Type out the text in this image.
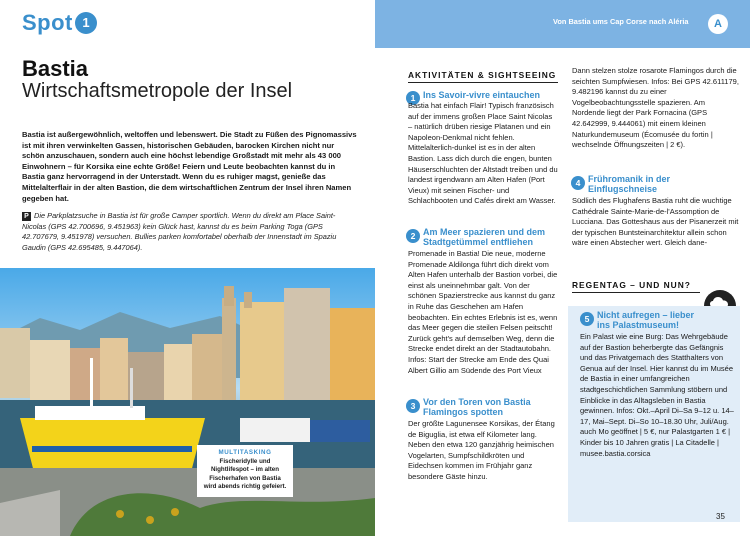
Spot 1
Bastia
Wirtschaftsmetropole der Insel
Bastia ist außergewöhnlich, weltoffen und lebenswert. Die Stadt zu Füßen des Pignomassivs ist mit ihren verwinkelten Gassen, historischen Gebäuden, barocken Kirchen nicht nur schön anzuschauen, sondern auch eine höchst lebendige Großstadt mit mehr als 43 000 Einwohnern – für Korsika eine echte Größe! Feiern und Leute beobachten kannst du in Bastia ganz hervorragend in der Unterstadt. Wenn du es ruhiger magst, genieße das Mittelalterflair in der alten Bastion, die dem wirtschaftlichen Zentrum der Insel ihren Namen gegeben hat.
P Die Parkplatzsuche in Bastia ist für große Camper sportlich. Wenn du direkt am Place Saint-Nicolas (GPS 42.700696, 9.451963) kein Glück hast, kannst du es beim Parking Toga (GPS 42.707679, 9.451978) versuchen. Bullies parken komfortabel oberhalb der Innenstadt im Spaziu Gaudin (GPS 42.695485, 9.447064).
MULTITASKING
Fischeridylle und Nightlifespot – im alten Fischerhafen von Bastia wird abends richtig gefeiert.
Von Bastia ums Cap Corse nach Aléria	A
AKTIVITÄTEN & SIGHTSEEING
1 Ins Savoir-vivre eintauchen
Bastia hat einfach Flair! Typisch französisch auf der immens großen Place Saint Nicolas – natürlich drüben riesige Platanen und ein Napoleon-Denkmal nicht fehlen. Mittelalterlich-dunkel ist es in der alten Bastion. Lass dich durch die engen, bunten Häuserschluchten der Altstadt treiben und du landest irgendwann am Alten Hafen (Port Vieux) mit seinen Fischer- und Schlachbooten und Cafés direkt am Wasser.
2 Am Meer spazieren und dem
Stadtgetümmel entfliehen
Promenade in Bastia! Die neue, moderne Promenade Aldilonga führt dich direkt vom Alten Hafen unterhalb der Bastion vorbei, die einst als uneinnehmbar galt. Von der schönen Spazierstrecke aus kannst du ganz in Ruhe das Geschehen am Hafen beobachten. Ein echtes Erlebnis ist es, wenn das Meer gegen die steilen Felsen peitscht! Zurück geht's auf demselben Weg, denn die Strecke endet direkt an der Stadtautobahn. Infos: Start der Strecke am Ende des Quai Albert Gillio am Südende des Port Vieux
3 Vor den Toren von Bastia
Flamingos spotten
Der größte Lagunensee Korsikas, der Étang de Biguglia, ist etwa elf Kilometer lang. Neben den etwa 120 ganzjährig heimischen Vogelarten, Sumpfschildkröten und Eidechsen kommen im Frühjahr ganz besondere Gäste hinzu.
Dann stelzen stolze rosarote Flamingos durch die seichten Sumpfwiesen. Infos: Bei GPS 42.611179, 9.482196 kannst du zu einer Vogelbeobachtungsstelle spazieren. Am Nordende liegt der Park Fornacina (GPS 42.642999, 9.444061) mit einem kleinen Naturkundemuseum (Écomusée du fortin | wechselnde Öffnungszeiten | 2 €).
4 Frühromanik in der
Einflugschneise
Südlich des Flughafens Bastia ruht die wuchtige Cathédrale Sainte-Marie-de-l'Assomption de Lucciana. Das Gotteshaus aus der Pisanerzeit mit der typischen Buntsteinarchitektur allein schon wäre einen Abstecher wert. Gleich dane-
REGENTAG – UND NUN?
5 Nicht aufregen – lieber
ins Palastmuseum!
Ein Palast wie eine Burg: Das Wehrgebäude auf der Bastion beherbergte das Gefängnis und das Privatgemach des Statthalters von Genua auf der Insel. Hier kannst du im Musée de Bastia in einer umfangreichen stadtgeschichtlichen Sammlung stöbern und Einblicke in das Alltagsleben in Bastia gewinnen. Infos: Okt.–April Di–Sa 9–12 u. 14–17, Mai–Sept. Di–So 10–18.30 Uhr, Juli/Aug. auch Mo geöffnet | 5 €, nur Palastgarten 1 € | Kinder bis 10 Jahren gratis | La Citadelle | musee.bastia.corsica
35
